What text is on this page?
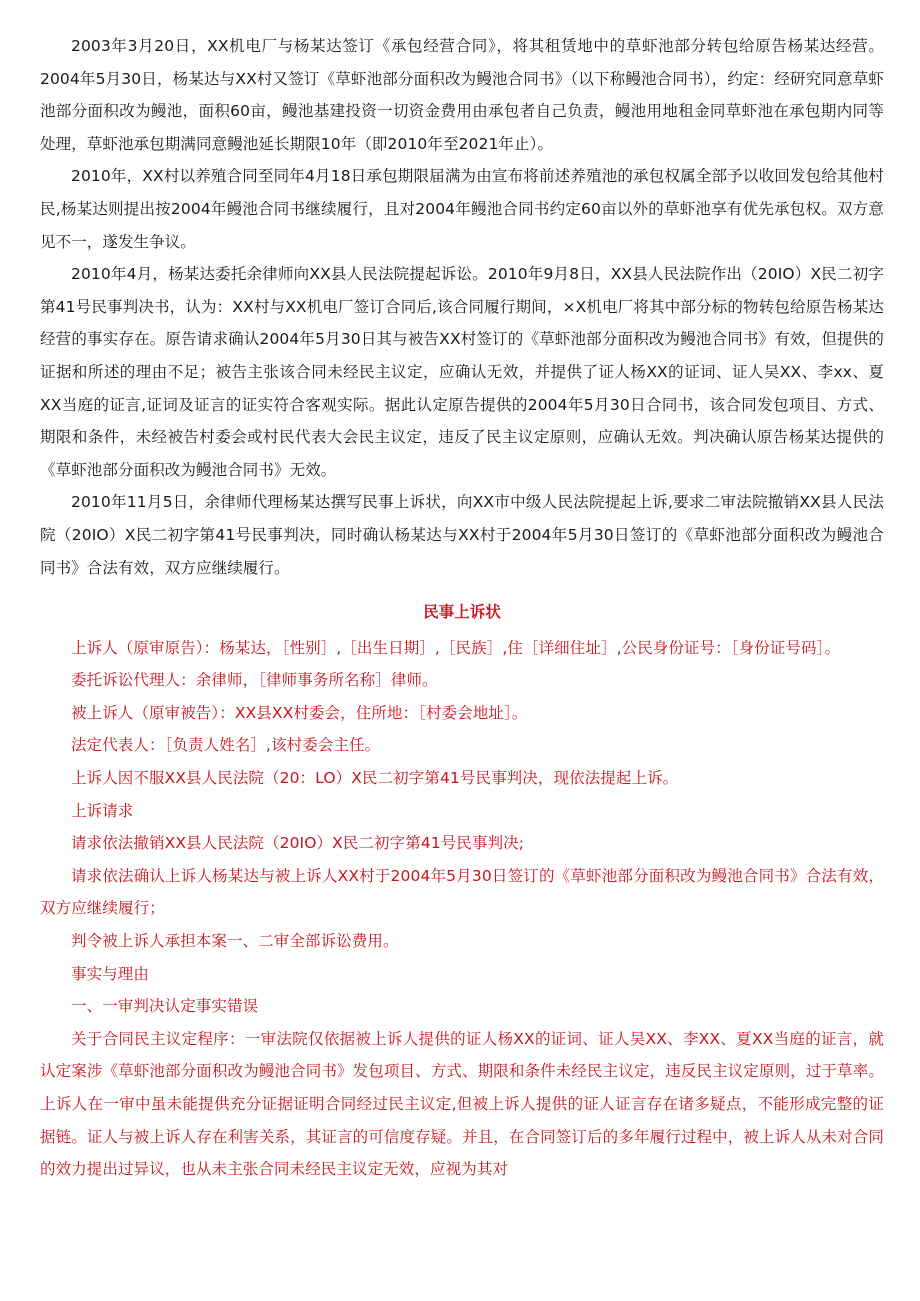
2003年3月20日，XX机电厂与杨某达签订《承包经营合同》，将其租赁地中的草虾池部分转包给原告杨某达经营。2004年5月30日，杨某达与XX村又签订《草虾池部分面积改为鳗池合同书》（以下称鳗池合同书），约定：经研究同意草虾池部分面积改为鳗池，面积60亩，鳗池基建投资一切资金费用由承包者自己负责，鳗池用地租金同草虾池在承包期内同等处理，草虾池承包期满同意鳗池延长期限10年（即2010年至2021年止）。

2010年，XX村以养殖合同至同年4月18日承包期限届满为由宣布将前述养殖池的承包权属全部予以收回发包给其他村民,杨某达则提出按2004年鳗池合同书继续履行，且对2004年鳗池合同书约定60亩以外的草虾池享有优先承包权。双方意见不一，遂发生争议。

2010年4月，杨某达委托余律师向XX县人民法院提起诉讼。2010年9月8日，XX县人民法院作出（20IO）X民二初字第41号民事判决书，认为：XX村与XX机电厂签订合同后,该合同履行期间，×X机电厂将其中部分标的物转包给原告杨某达经营的事实存在。原告请求确认2004年5月30日其与被告XX村签订的《草虾池部分面积改为鳗池合同书》有效，但提供的证据和所述的理由不足；被告主张该合同未经民主议定，应确认无效，并提供了证人杨XX的证词、证人吴XX、李xx、夏XX当庭的证言,证词及证言的证实符合客观实际。据此认定原告提供的2004年5月30日合同书，该合同发包项目、方式、期限和条件，未经被告村委会或村民代表大会民主议定，违反了民主议定原则，应确认无效。判决确认原告杨某达提供的《草虾池部分面积改为鳗池合同书》无效。

2010年11月5日，余律师代理杨某达撰写民事上诉状，向XX市中级人民法院提起上诉,要求二审法院撤销XX县人民法院（20IO）X民二初字第41号民事判决，同时确认杨某达与XX村于2004年5月30日签订的《草虾池部分面积改为鳗池合同书》合法有效，双方应继续履行。

民事上诉状

上诉人（原审原告）：杨某达，［性别］,［出生日期］,［民族］,住［详细住址］,公民身份证号：［身份证号码］。

委托诉讼代理人：余律师，［律师事务所名称］律师。

被上诉人（原审被告）：XX县XX村委会，住所地：［村委会地址］。

法定代表人：［负责人姓名］,该村委会主任。

上诉人因不服XX县人民法院（20：LO）X民二初字第41号民事判决，现依法提起上诉。

上诉请求

请求依法撤销XX县人民法院（20IO）X民二初字第41号民事判决;

请求依法确认上诉人杨某达与被上诉人XX村于2004年5月30日签订的《草虾池部分面积改为鳗池合同书》合法有效，双方应继续履行；

判令被上诉人承担本案一、二审全部诉讼费用。

事实与理由

一、一审判决认定事实错误

关于合同民主议定程序：一审法院仅依据被上诉人提供的证人杨XX的证词、证人吴XX、李XX、夏XX当庭的证言，就认定案涉《草虾池部分面积改为鳗池合同书》发包项目、方式、期限和条件未经民主议定，违反民主议定原则，过于草率。上诉人在一审中虽未能提供充分证据证明合同经过民主议定,但被上诉人提供的证人证言存在诸多疑点，不能形成完整的证据链。证人与被上诉人存在利害关系，其证言的可信度存疑。并且，在合同签订后的多年履行过程中，被上诉人从未对合同的效力提出过异议，也从未主张合同未经民主议定无效，应视为其对
